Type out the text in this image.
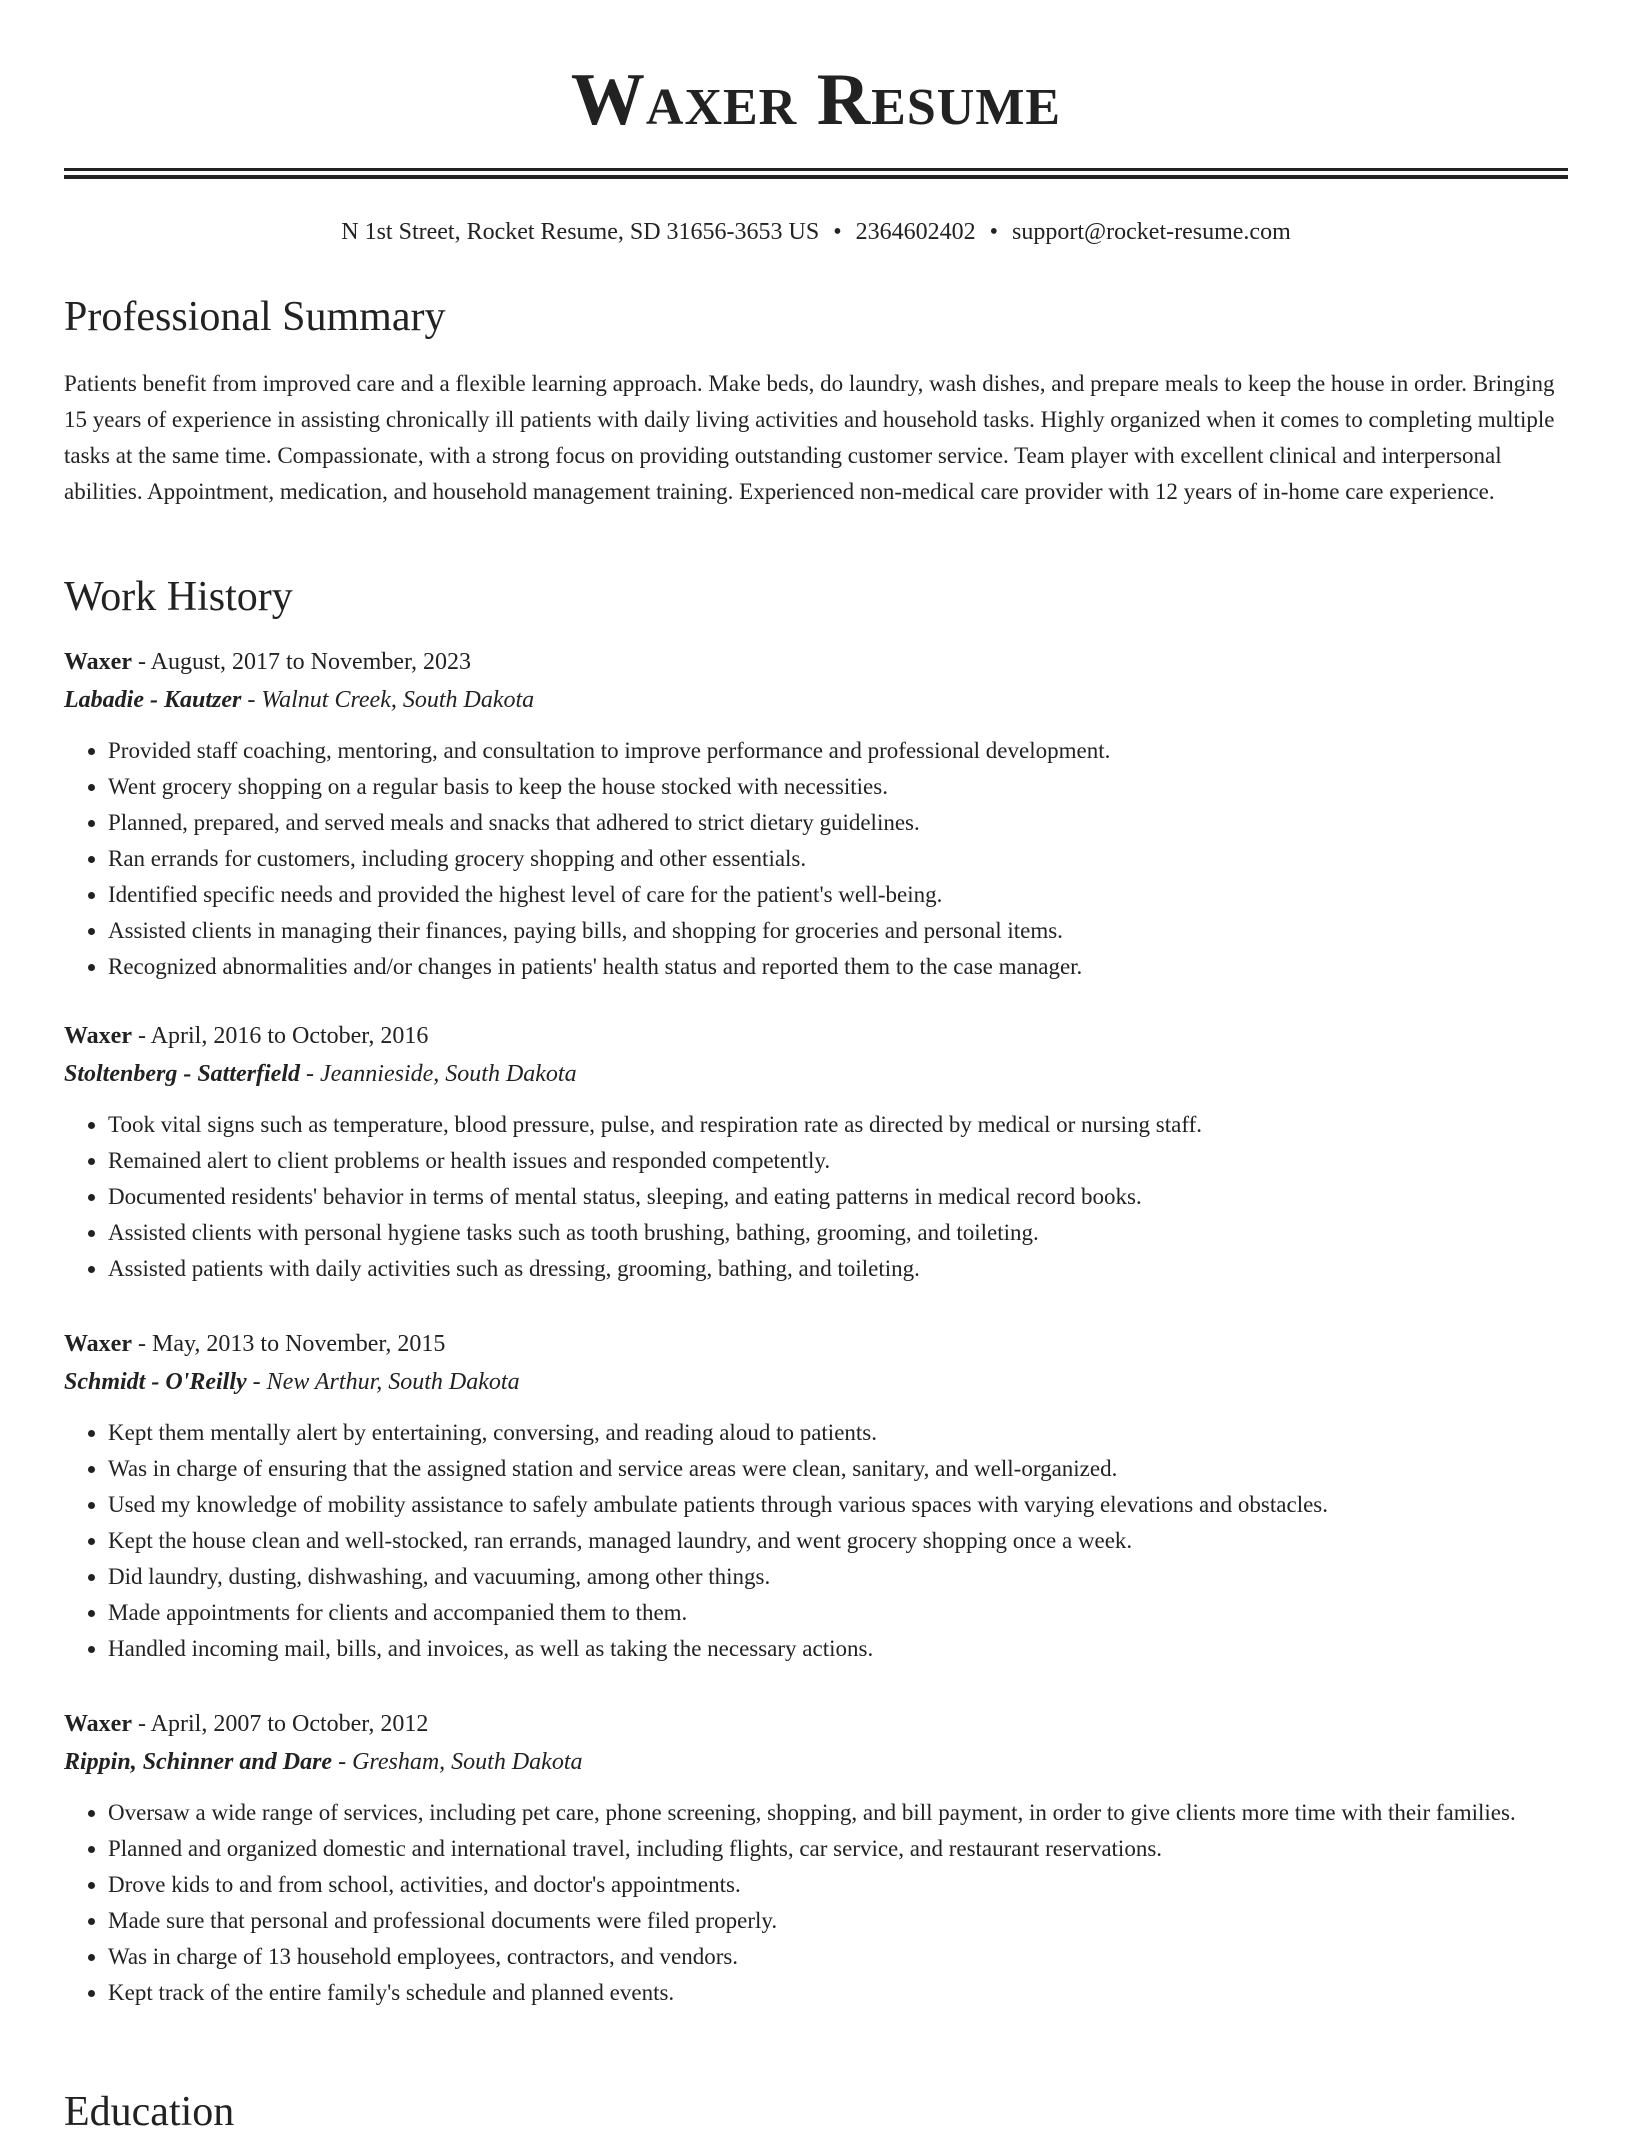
Waxer Resume
N 1st Street, Rocket Resume, SD 31656-3653 US • 2364602402 • support@rocket-resume.com
Professional Summary

Patients benefit from improved care and a flexible learning approach. Make beds, do laundry, wash dishes, and prepare meals to keep the house in order. Bringing 15 years of experience in assisting chronically ill patients with daily living activities and household tasks. Highly organized when it comes to completing multiple tasks at the same time. Compassionate, with a strong focus on providing outstanding customer service. Team player with excellent clinical and interpersonal abilities. Appointment, medication, and household management training. Experienced non-medical care provider with 12 years of in-home care experience.

Work History

Waxer - August, 2017 to November, 2023

Labadie - Kautzer - Walnut Creek, South Dakota

• Provided staff coaching, mentoring, and consultation to improve performance and professional development.
• Went grocery shopping on a regular basis to keep the house stocked with necessities.
• Planned, prepared, and served meals and snacks that adhered to strict dietary guidelines.
• Ran errands for customers, including grocery shopping and other essentials.
• Identified specific needs and provided the highest level of care for the patient's well-being.
• Assisted clients in managing their finances, paying bills, and shopping for groceries and personal items.
• Recognized abnormalities and/or changes in patients' health status and reported them to the case manager.

Waxer - April, 2016 to October, 2016

Stoltenberg - Satterfield - Jeannieside, South Dakota

• Took vital signs such as temperature, blood pressure, pulse, and respiration rate as directed by medical or nursing staff.
• Remained alert to client problems or health issues and responded competently.
• Documented residents' behavior in terms of mental status, sleeping, and eating patterns in medical record books.
• Assisted clients with personal hygiene tasks such as tooth brushing, bathing, grooming, and toileting.
• Assisted patients with daily activities such as dressing, grooming, bathing, and toileting.

Waxer - May, 2013 to November, 2015

Schmidt - O'Reilly - New Arthur, South Dakota

• Kept them mentally alert by entertaining, conversing, and reading aloud to patients.
• Was in charge of ensuring that the assigned station and service areas were clean, sanitary, and well-organized.
• Used my knowledge of mobility assistance to safely ambulate patients through various spaces with varying elevations and obstacles.
• Kept the house clean and well-stocked, ran errands, managed laundry, and went grocery shopping once a week.
• Did laundry, dusting, dishwashing, and vacuuming, among other things.
• Made appointments for clients and accompanied them to them.
• Handled incoming mail, bills, and invoices, as well as taking the necessary actions.

Waxer - April, 2007 to October, 2012

Rippin, Schinner and Dare - Gresham, South Dakota

• Oversaw a wide range of services, including pet care, phone screening, shopping, and bill payment, in order to give clients more time with their families.
• Planned and organized domestic and international travel, including flights, car service, and restaurant reservations.
• Drove kids to and from school, activities, and doctor's appointments.
• Made sure that personal and professional documents were filed properly.
• Was in charge of 13 household employees, contractors, and vendors.
• Kept track of the entire family's schedule and planned events.
Education
